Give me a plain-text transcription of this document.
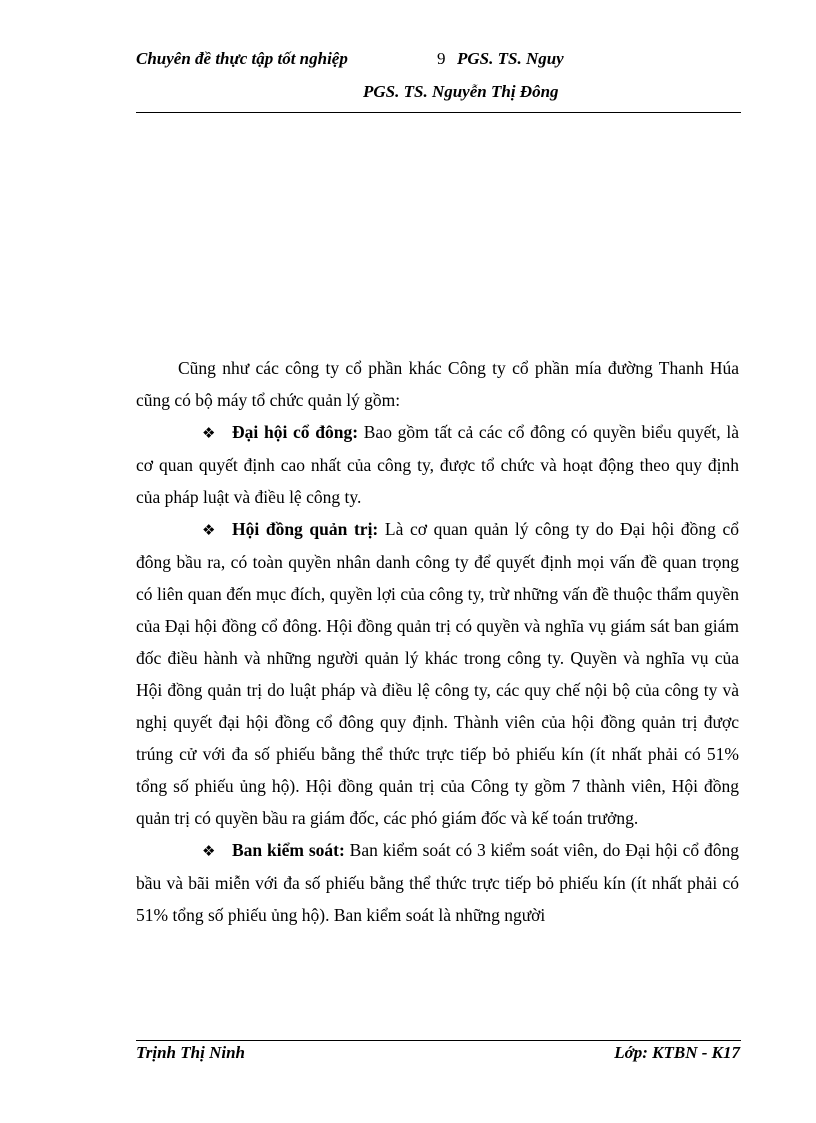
Chuyên đề thực tập tốt nghiệp	9 PGS. TS. Nguy
PGS. TS. Nguyễn Thị Đông

Cũng như các công ty cổ phần khác Công ty cổ phần mía đường Thanh Húa cũng có bộ máy tổ chức quản lý gồm:

❖ Đại hội cổ đông: Bao gồm tất cả các cổ đông có quyền biểu quyết, là cơ quan quyết định cao nhất của công ty, được tổ chức và hoạt động theo quy định của pháp luật và điều lệ công ty.

❖ Hội đồng quản trị: Là cơ quan quản lý công ty do Đại hội đồng cổ đông bầu ra, có toàn quyền nhân danh công ty để quyết định mọi vấn đề quan trọng có liên quan đến mục đích, quyền lợi của công ty, trừ những vấn đề thuộc thẩm quyền của Đại hội đồng cổ đông. Hội đồng quản trị có quyền và nghĩa vụ giám sát ban giám đốc điều hành và những người quản lý khác trong công ty. Quyền và nghĩa vụ của Hội đồng quản trị do luật pháp và điều lệ công ty, các quy chế nội bộ của công ty và nghị quyết đại hội đồng cổ đông quy định. Thành viên của hội đồng quản trị được trúng cử với đa số phiếu bằng thể thức trực tiếp bỏ phiếu kín (ít nhất phải có 51% tổng số phiếu ủng hộ). Hội đồng quản trị của Công ty gồm 7 thành viên, Hội đồng quản trị có quyền bầu ra giám đốc, các phó giám đốc và kế toán trưởng.

❖ Ban kiểm soát: Ban kiểm soát có 3 kiểm soát viên, do Đại hội cổ đông bầu và bãi miễn với đa số phiếu bằng thể thức trực tiếp bỏ phiếu kín (ít nhất phải có 51% tổng số phiếu ủng hộ). Ban kiểm soát là những người

Trịnh Thị Ninh	Lớp: KTBN - K17
